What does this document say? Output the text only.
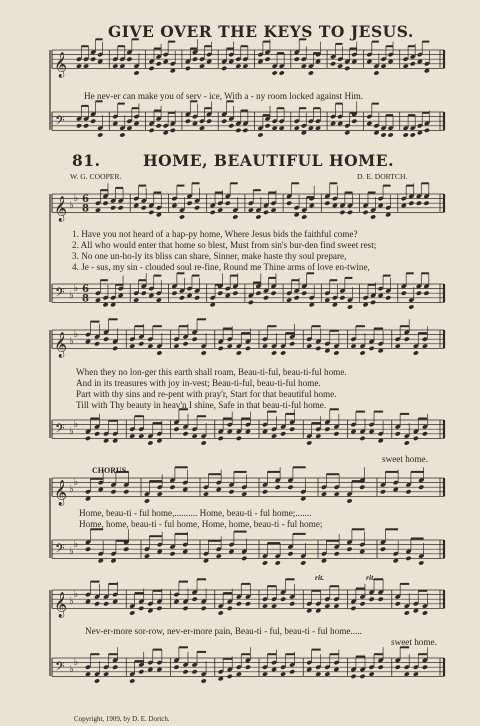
GIVE OVER THE KEYS TO JESUS.
He nev-er can make you of serv - ice, With a - ny room locked against Him.
81.	HOME, BEAUTIFUL HOME.
W. G. COOPER.	D. E. DORTCH.
1. Have you not heard of a hap-py home, Where Jesus bids the faithful come?
2. All who would enter that home so blest, Must from sin's bur-den find sweet rest;
3. No one un-ho-ly its bliss can share, Sinner, make haste thy soul prepare,
4. Je - sus, my sin - clouded soul re-fine, Round me Thine arms of love en-twine,
When they no lon-ger this earth shall roam, Beau-ti-ful, beau-ti-ful home.
And in its treasures with joy in-vest; Beau-ti-ful, beau-ti-ful home.
Part with thy sins and re-pent with pray'r, Start for that beautiful home.
Till with Thy beauty in heav'n I shine, Safe in that beau-ti-ful home.
sweet home.
CHORUS.
Home, beau-ti - ful home,.......... Home, beau-ti - ful home;.......
Home, home, beau-ti - ful home, Home, home, beau-ti - ful home;
rit.	rit.
Nev-er-more sor-row, nev-er-more pain, Beau-ti - ful, beau-ti - ful home.....
sweet home.
Copyright, 1909, by D. E. Dortch.
𝄞
𝄢
𝄞 ♭
♭ 6
8
𝄢 ♭
♭ 6
8
𝄞 ♭
♭
𝄢 ♭
♭
𝄞 ♭
♭
𝄢 ♭
♭
𝄞 ♭
♭
𝄢 ♭
♭
